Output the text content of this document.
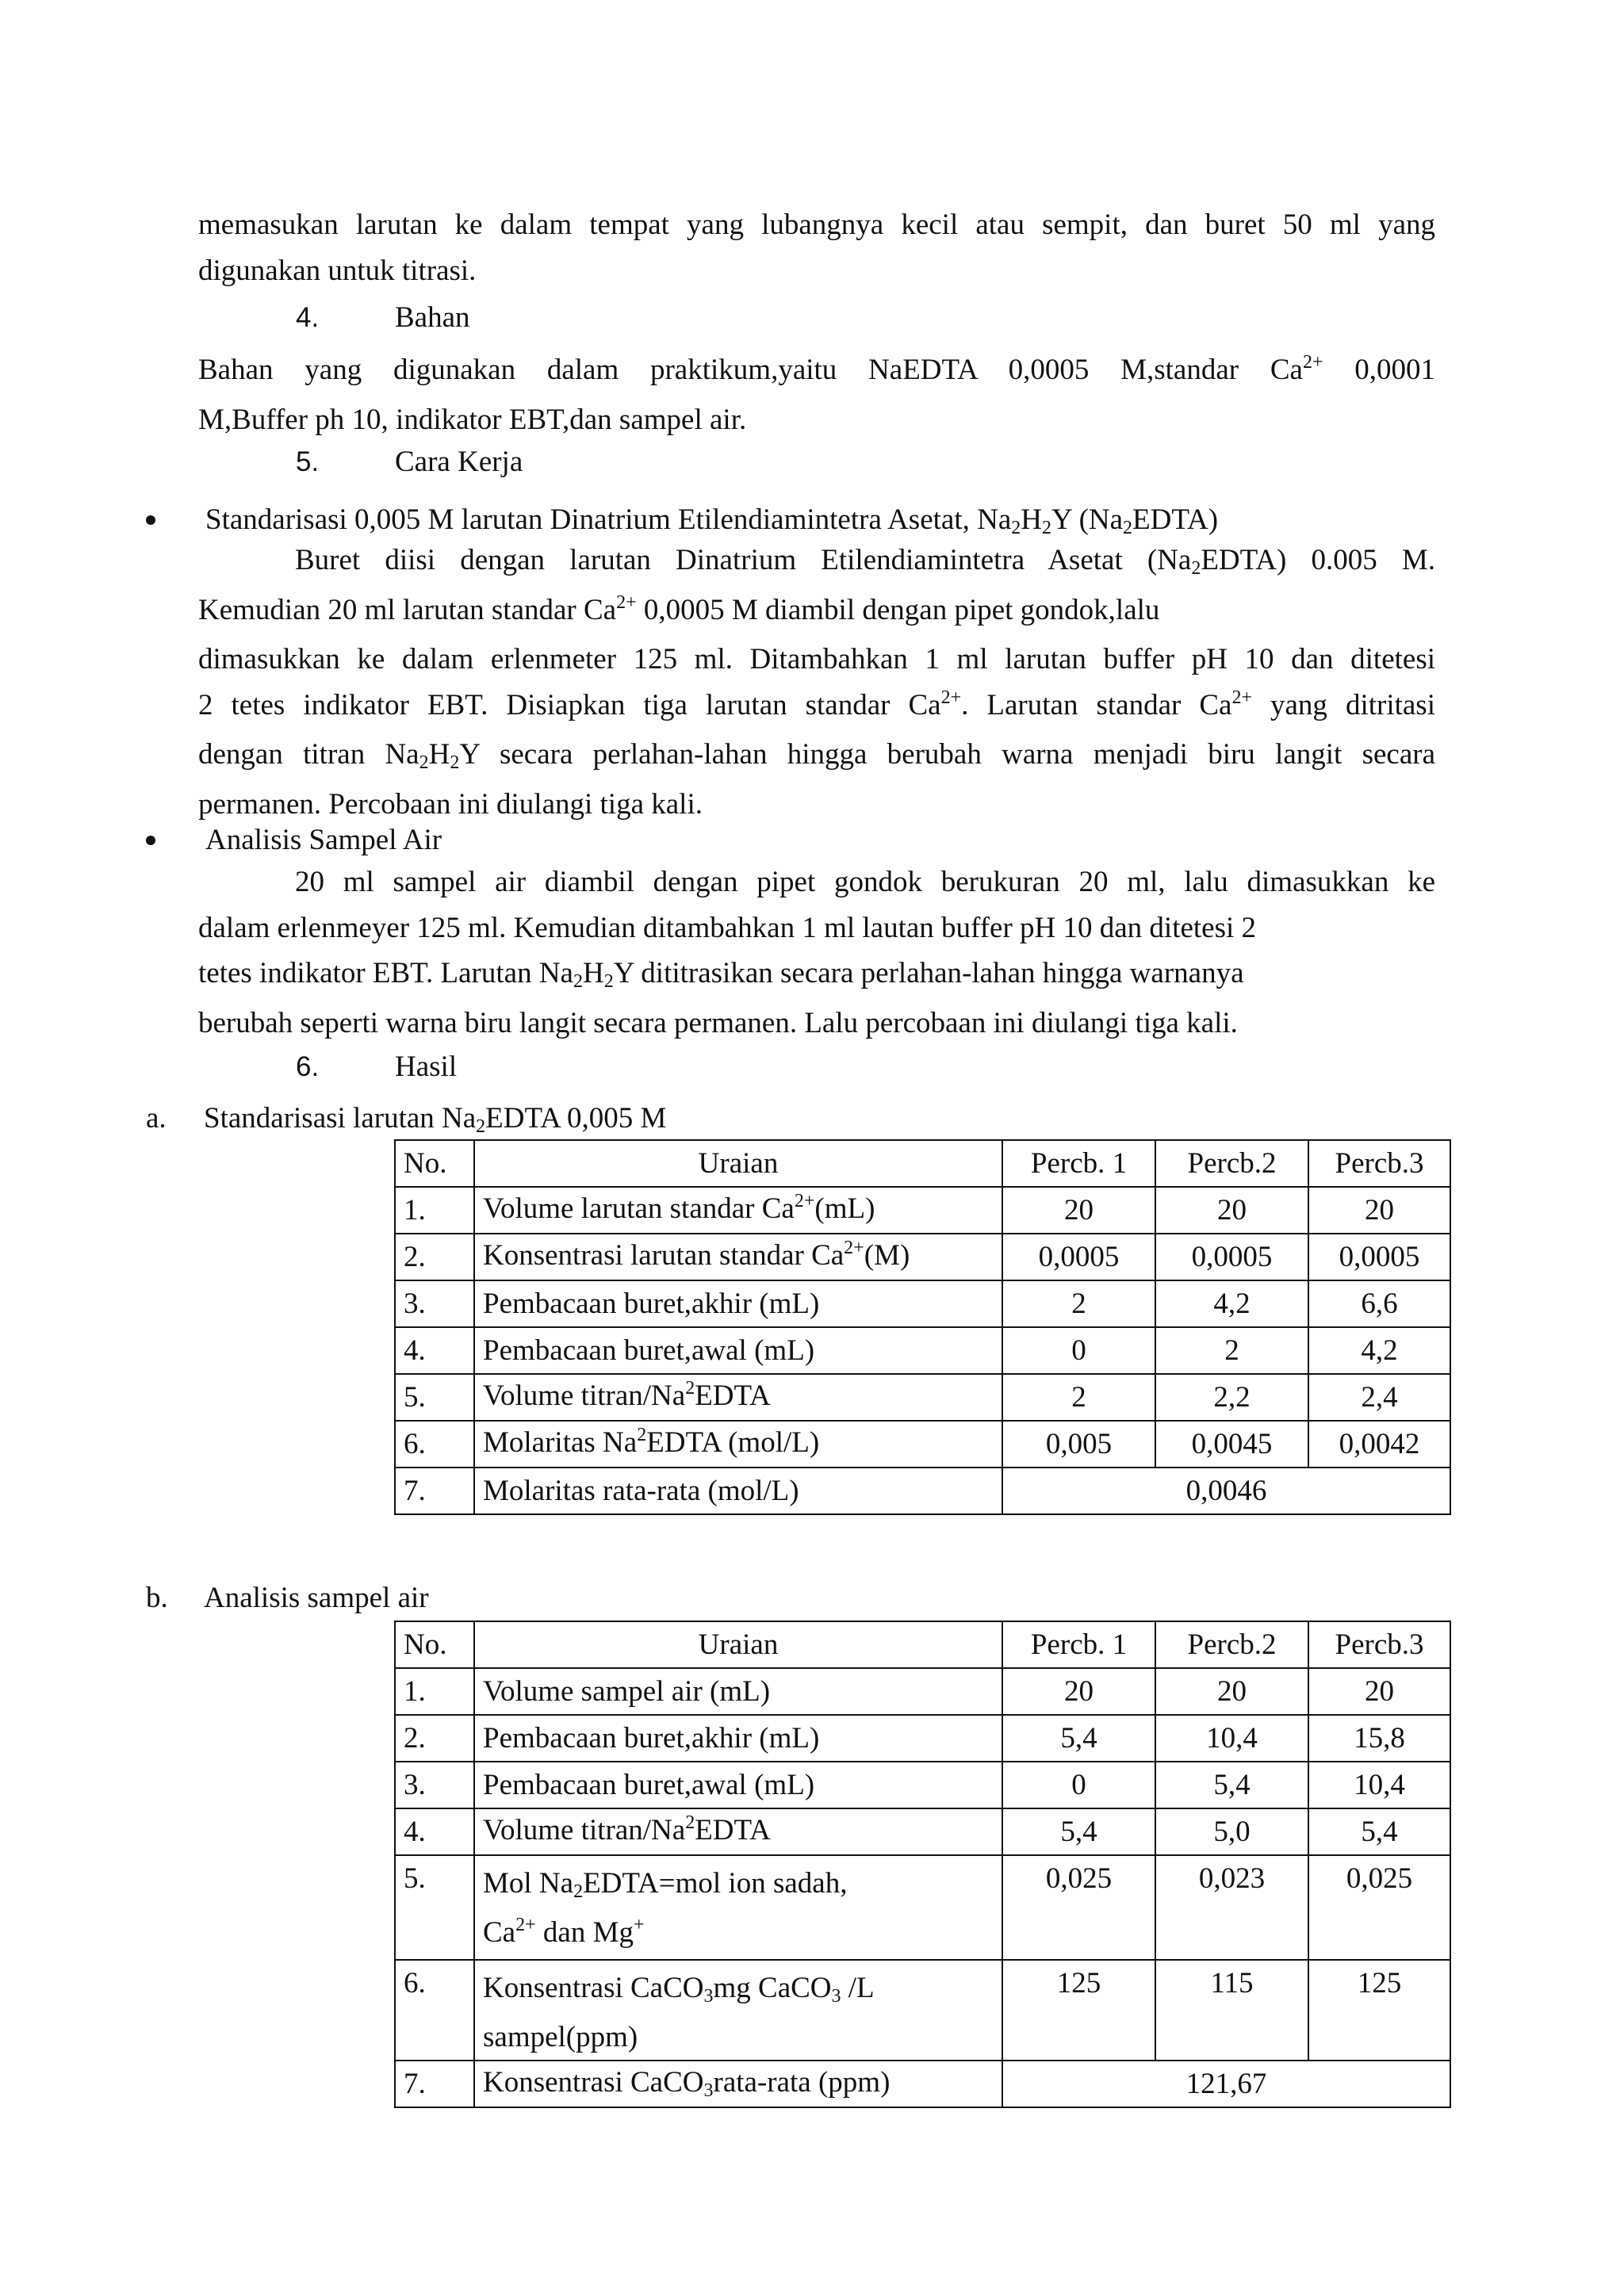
memasukan larutan ke dalam tempat yang lubangnya kecil atau sempit, dan buret 50 ml yang
digunakan untuk titrasi.
4.	Bahan
Bahan yang digunakan dalam praktikum,yaitu NaEDTA 0,0005 M,standar $Ca^{2+}$ 0,0001
M,Buffer ph 10, indikator EBT,dan sampel air.
5.	Cara Kerja
Standarisasi 0,005 M larutan Dinatrium Etilendiamintetra Asetat, $Na_2H_2Y$ $(Na_2EDTA)$
Buret diisi dengan larutan Dinatrium Etilendiamintetra Asetat $(Na_2EDTA)$ 0.005 M.
Kemudian 20 ml larutan standar $Ca^{2+}$ 0,0005 M diambil dengan pipet gondok,lalu
dimasukkan ke dalam erlenmeter 125 ml. Ditambahkan 1 ml larutan buffer pH 10 dan ditetesi
2 tetes indikator EBT. Disiapkan tiga larutan standar $Ca^{2+}$. Larutan standar $Ca^{2+}$ yang ditritasi
dengan titran $Na_2H_2Y$ secara perlahan-lahan hingga berubah warna menjadi biru langit secara
permanen. Percobaan ini diulangi tiga kali.
Analisis Sampel Air
20 ml sampel air diambil dengan pipet gondok berukuran 20 ml, lalu dimasukkan ke
dalam erlenmeyer 125 ml. Kemudian ditambahkan 1 ml lautan buffer pH 10 dan ditetesi 2
tetes indikator EBT. Larutan $Na_2H_2Y$ dititrasikan secara perlahan-lahan hingga warnanya
berubah seperti warna biru langit secara permanen. Lalu percobaan ini diulangi tiga kali.
6.	Hasil
a. Standarisasi larutan $Na_2EDTA$ 0,005 M
No.	Uraian	Percb. 1	Percb.2	Percb.3
1.	Volume larutan standar $Ca^{2+}(mL)$	20	20	20
2.	Konsentrasi larutan standar $Ca^{2+}(M)$	0,0005	0,0005	0,0005
3.	Pembacaan buret,akhir (mL)	2	4,2	6,6
4.	Pembacaan buret,awal (mL)	0	2	4,2
5.	Volume titran/Na$^2$EDTA	2	2,2	2,4
6.	Molaritas Na$^2$EDTA (mol/L)	0,005	0,0045	0,0042
7.	Molaritas rata-rata (mol/L)	0,0046		
b. Analisis sampel air
No.	Uraian	Percb. 1	Percb.2	Percb.3
1.	Volume sampel air (mL)	20	20	20
2.	Pembacaan buret,akhir (mL)	5,4	10,4	15,8
3.	Pembacaan buret,awal (mL)	0	5,4	10,4
4.	Volume titran/Na$^2$EDTA	5,4	5,0	5,4
5.	Mol $Na_2EDTA=mol$ ion sadah,
$Ca^{2+}$ dan Mg+	0,025	0,023	0,025
6.	Konsentrasi CaCO$_3$mg CaCO$_3$ /L
sampel(ppm)	125	115	125
7.	Konsentrasi CaCO$_3$rata-rata (ppm)	121,67		
